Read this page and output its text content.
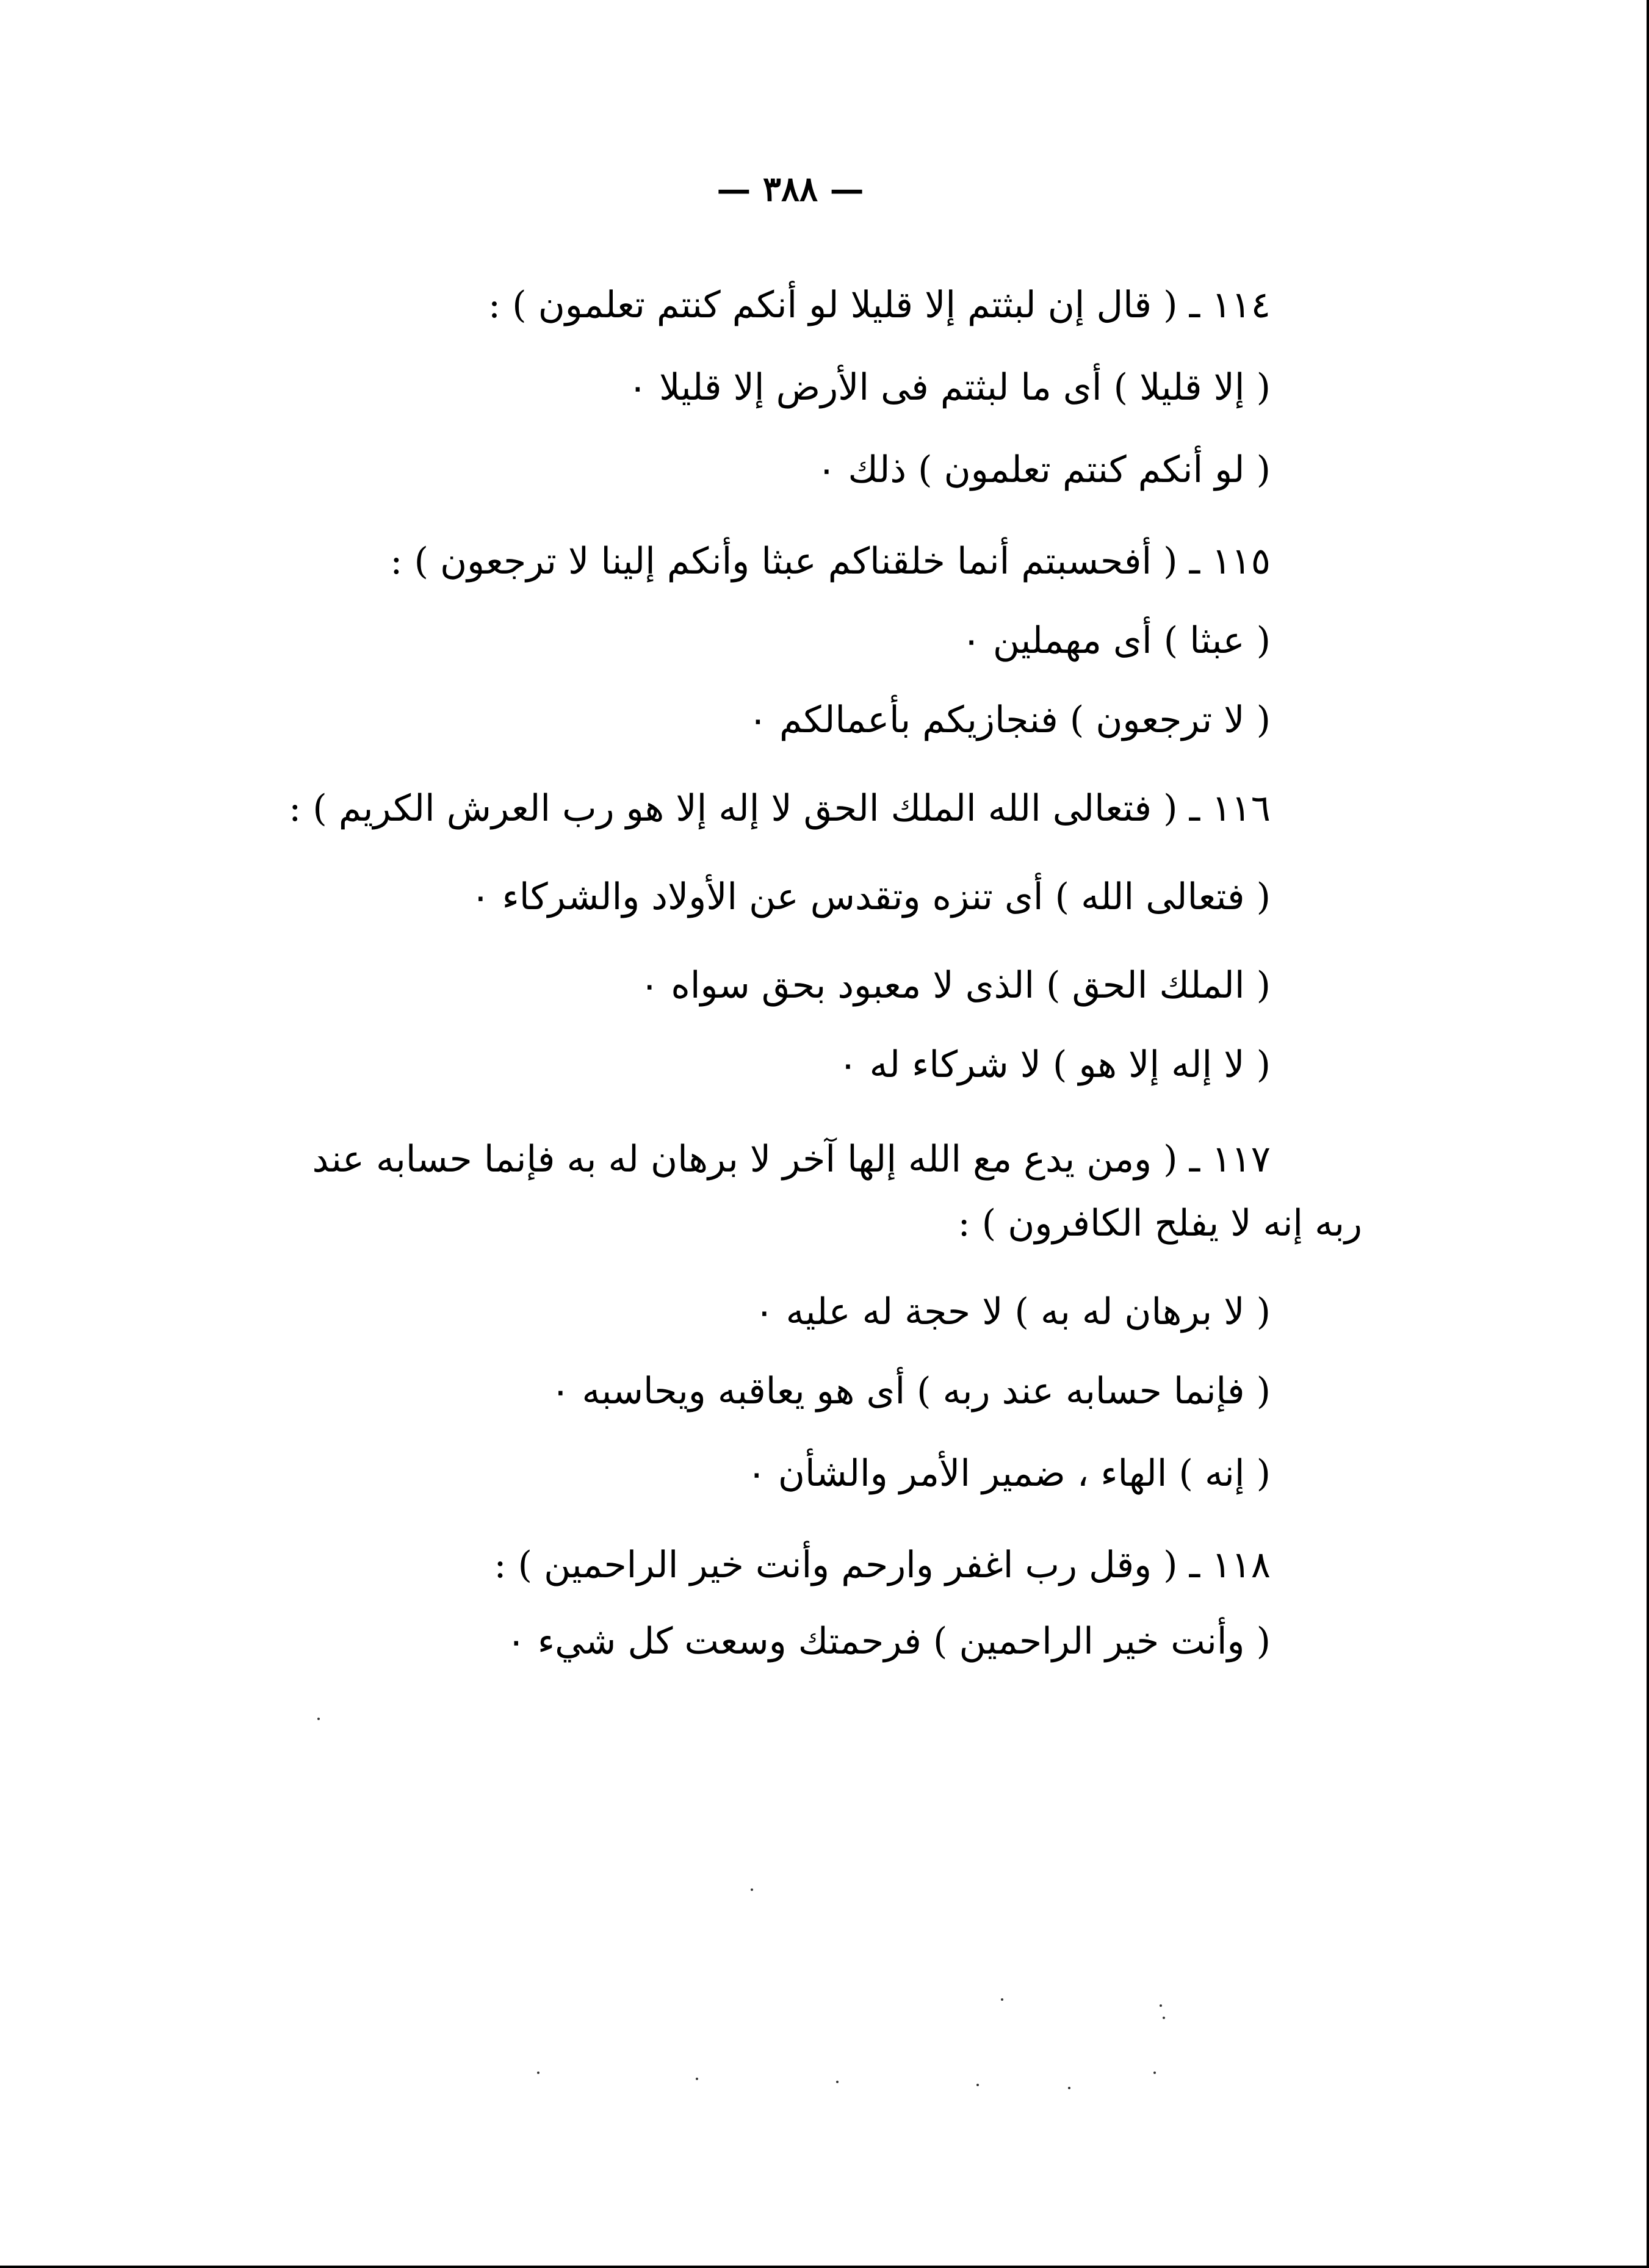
— ٣٨٨ —
١١٤ ـ ( قال إن لبثتم إلا قليلا لو أنكم كنتم تعلمون ) :
( إلا قليلا ) أى ما لبثتم فى الأرض إلا قليلا ٠
( لو أنكم كنتم تعلمون ) ذلك ٠
١١٥ ـ ( أفحسبتم أنما خلقناكم عبثا وأنكم إلينا لا ترجعون ) :
( عبثا ) أى مهملين ٠
( لا ترجعون ) فنجازيكم بأعمالكم ٠
١١٦ ـ ( فتعالى الله الملك الحق لا إله إلا هو رب العرش الكريم ) :
( فتعالى الله ) أى تنزه وتقدس عن الأولاد والشركاء ٠
( الملك الحق ) الذى لا معبود بحق سواه ٠
( لا إله إلا هو ) لا شركاء له ٠
١١٧ ـ ( ومن يدع مع الله إلها آخر لا برهان له به فإنما حسابه عند
ربه إنه لا يفلح الكافرون ) :
( لا برهان له به ) لا حجة له عليه ٠
( فإنما حسابه عند ربه ) أى هو يعاقبه ويحاسبه ٠
( إنه ) الهاء ، ضمير الأمر والشأن ٠
١١٨ ـ ( وقل رب اغفر وارحم وأنت خير الراحمين ) :
( وأنت خير الراحمين ) فرحمتك وسعت كل شيء ٠
